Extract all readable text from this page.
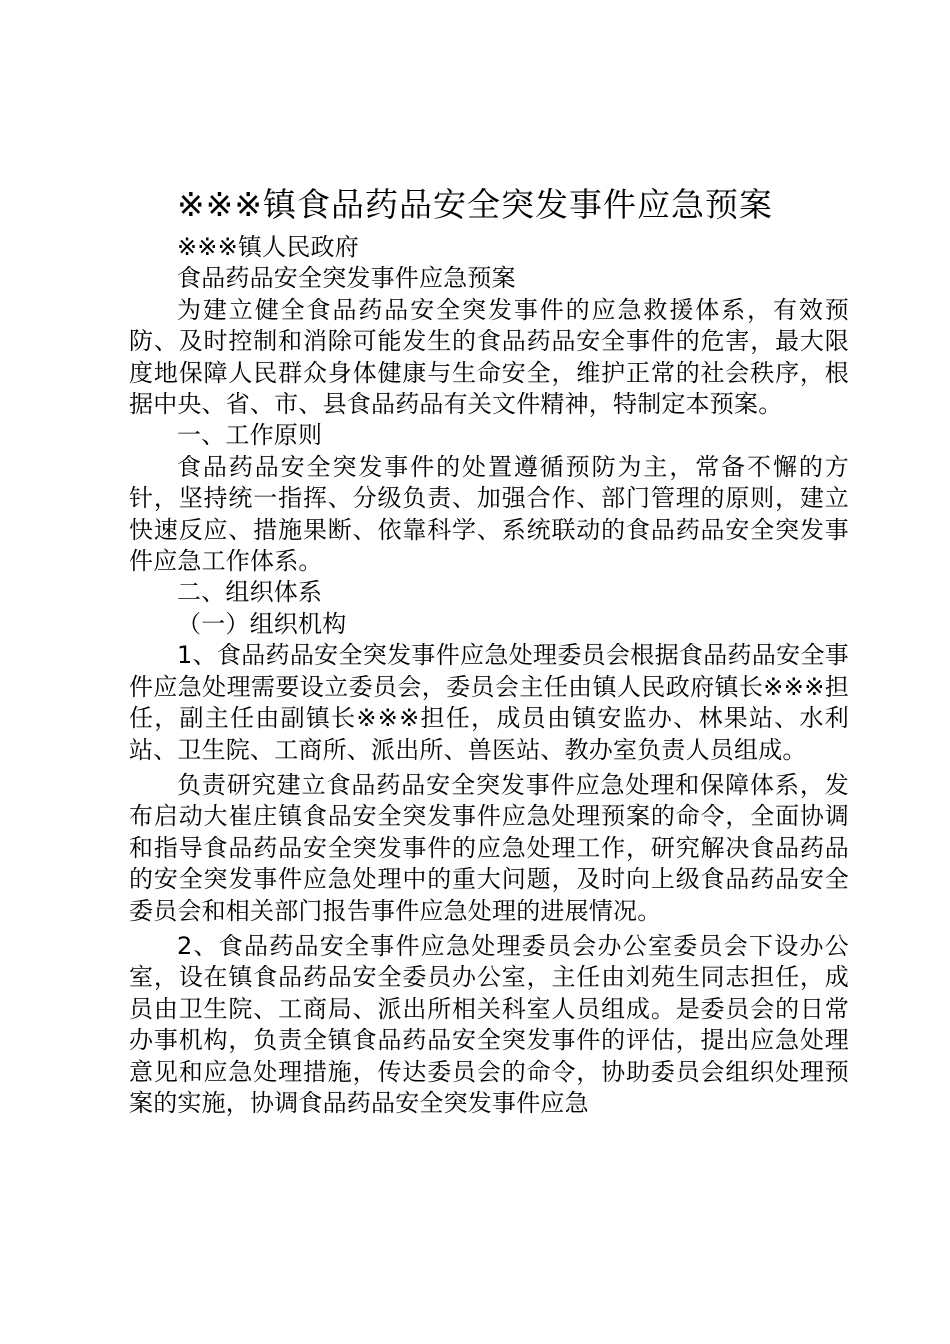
※※※镇食品药品安全突发事件应急预案

※※※镇人民政府

食品药品安全突发事件应急预案

为建立健全食品药品安全突发事件的应急救援体系，有效预防、及时控制和消除可能发生的食品药品安全事件的危害，最大限度地保障人民群众身体健康与生命安全，维护正常的社会秩序，根据中央、省、市、县食品药品有关文件精神，特制定本预案。

一、工作原则

食品药品安全突发事件的处置遵循预防为主，常备不懈的方针，坚持统一指挥、分级负责、加强合作、部门管理的原则，建立快速反应、措施果断、依靠科学、系统联动的食品药品安全突发事件应急工作体系。

二、组织体系

（一）组织机构

1、食品药品安全突发事件应急处理委员会根据食品药品安全事件应急处理需要设立委员会，委员会主任由镇人民政府镇长※※※担任，副主任由副镇长※※※担任，成员由镇安监办、林果站、水利站、卫生院、工商所、派出所、兽医站、教办室负责人员组成。

负责研究建立食品药品安全突发事件应急处理和保障体系，发布启动大崔庄镇食品安全突发事件应急处理预案的命令，全面协调和指导食品药品安全突发事件的应急处理工作，研究解决食品药品的安全突发事件应急处理中的重大问题，及时向上级食品药品安全委员会和相关部门报告事件应急处理的进展情况。

2、食品药品安全事件应急处理委员会办公室委员会下设办公室，设在镇食品药品安全委员办公室，主任由刘苑生同志担任，成员由卫生院、工商局、派出所相关科室人员组成。是委员会的日常办事机构，负责全镇食品药品安全突发事件的评估，提出应急处理意见和应急处理措施，传达委员会的命令，协助委员会组织处理预案的实施，协调食品药品安全突发事件应急
